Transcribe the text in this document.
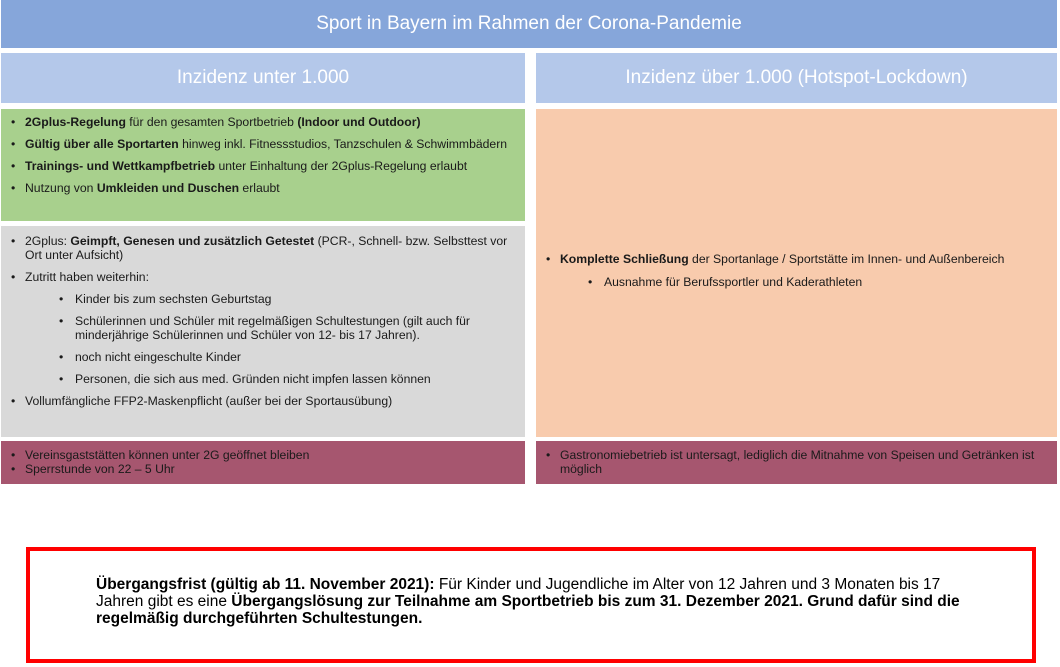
Sport in Bayern im Rahmen der Corona-Pandemie
Inzidenz unter 1.000	Inzidenz über 1.000 (Hotspot-Lockdown)
• 2Gplus-Regelung für den gesamten Sportbetrieb (Indoor und Outdoor)
• Gültig über alle Sportarten hinweg inkl. Fitnessstudios, Tanzschulen & Schwimmbädern
• Trainings- und Wettkampfbetrieb unter Einhaltung der 2Gplus-Regelung erlaubt
• Nutzung von Umkleiden und Duschen erlaubt
• 2Gplus: Geimpft, Genesen und zusätzlich Getestet (PCR-, Schnell- bzw. Selbsttest vor Ort unter Aufsicht)
• Zutritt haben weiterhin:
• Kinder bis zum sechsten Geburtstag
• Schülerinnen und Schüler mit regelmäßigen Schultestungen (gilt auch für minderjährige Schülerinnen und Schüler von 12- bis 17 Jahren).
• noch nicht eingeschulte Kinder
• Personen, die sich aus med. Gründen nicht impfen lassen können
• Vollumfängliche FFP2-Maskenpflicht (außer bei der Sportausübung)
• Komplette Schließung der Sportanlage / Sportstätte im Innen- und Außenbereich
• Ausnahme für Berufssportler und Kaderathleten
• Vereinsgaststätten können unter 2G geöffnet bleiben
• Sperrstunde von 22 – 5 Uhr
• Gastronomiebetrieb ist untersagt, lediglich die Mitnahme von Speisen und Getränken ist möglich
Übergangsfrist (gültig ab 11. November 2021): Für Kinder und Jugendliche im Alter von 12 Jahren und 3 Monaten bis 17 Jahren gibt es eine Übergangslösung zur Teilnahme am Sportbetrieb bis zum 31. Dezember 2021. Grund dafür sind die regelmäßig durchgeführten Schultestungen.
